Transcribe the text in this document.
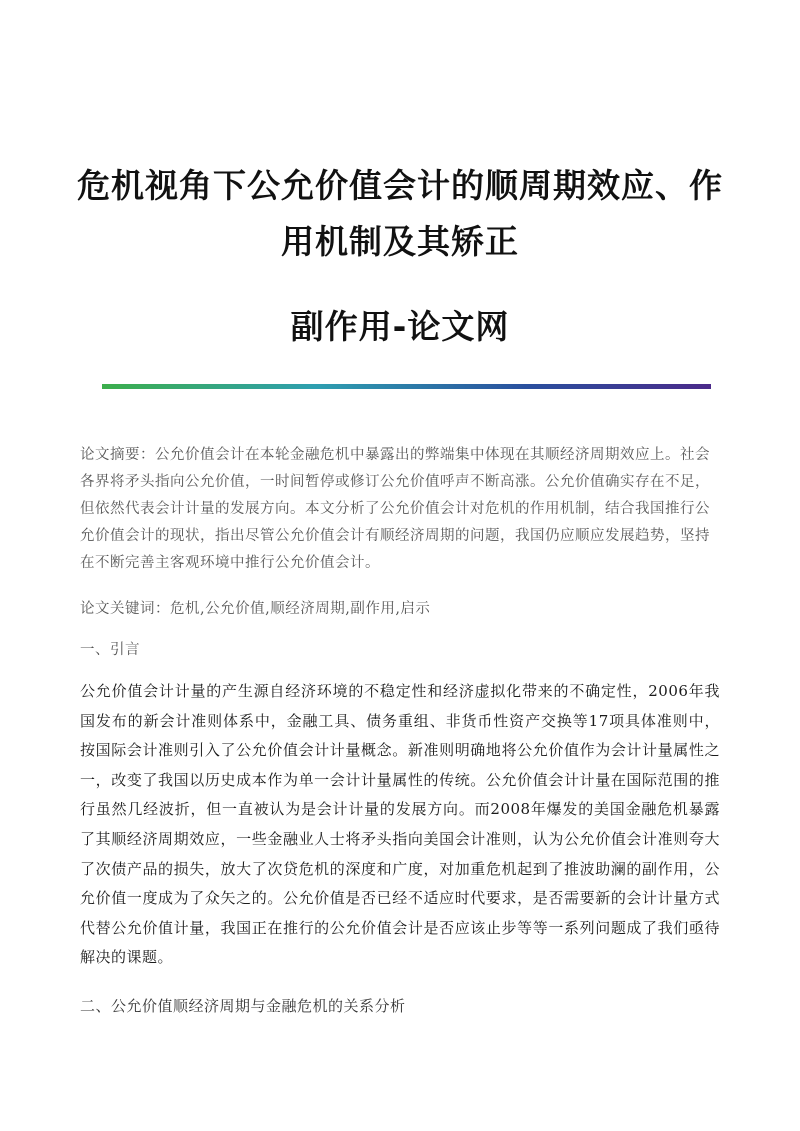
危机视角下公允价值会计的顺周期效应、作
用机制及其矫正
副作用-论文网

论文摘要：公允价值会计在本轮金融危机中暴露出的弊端集中体现在其顺经济周期效应上。社会各界将矛头指向公允价值，一时间暂停或修订公允价值呼声不断高涨。公允价值确实存在不足，但依然代表会计计量的发展方向。本文分析了公允价值会计对危机的作用机制，结合我国推行公允价值会计的现状，指出尽管公允价值会计有顺经济周期的问题，我国仍应顺应发展趋势，坚持在不断完善主客观环境中推行公允价值会计。

论文关键词：危机,公允价值,顺经济周期,副作用,启示

一、引言

公允价值会计计量的产生源自经济环境的不稳定性和经济虚拟化带来的不确定性，2006年我国发布的新会计准则体系中，金融工具、债务重组、非货币性资产交换等17项具体准则中，按国际会计准则引入了公允价值会计计量概念。新准则明确地将公允价值作为会计计量属性之一，改变了我国以历史成本作为单一会计计量属性的传统。公允价值会计计量在国际范围的推行虽然几经波折，但一直被认为是会计计量的发展方向。而2008年爆发的美国金融危机暴露了其顺经济周期效应，一些金融业人士将矛头指向美国会计准则，认为公允价值会计准则夸大了次债产品的损失，放大了次贷危机的深度和广度，对加重危机起到了推波助澜的副作用，公允价值一度成为了众矢之的。公允价值是否已经不适应时代要求，是否需要新的会计计量方式代替公允价值计量，我国正在推行的公允价值会计是否应该止步等等一系列问题成了我们亟待解决的课题。

二、公允价值顺经济周期与金融危机的关系分析
